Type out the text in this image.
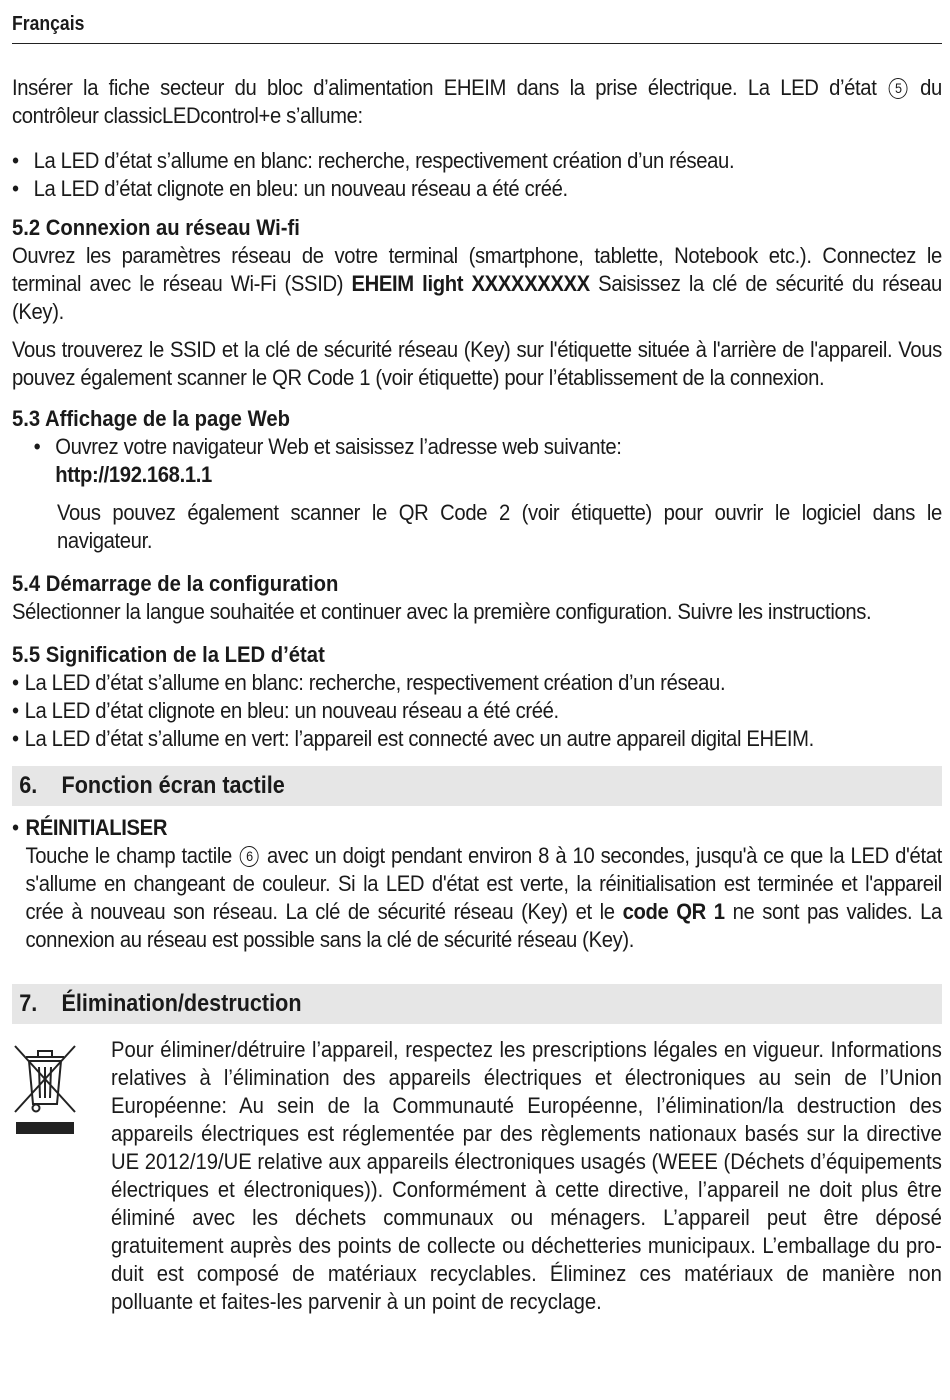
Français

Insérer la fiche secteur du bloc d’alimentation EHEIM dans la prise électrique. La LED d’état 5 du contrôleur classicLEDcontrol+e s’allume:

• La LED d’état s’allume en blanc: recherche, respectivement création d’un réseau.
• La LED d’état clignote en bleu: un nouveau réseau a été créé.
5.2 Connexion au réseau Wi-fi

Ouvrez les paramètres réseau de votre terminal (smartphone, tablette, Notebook etc.). Connectez le terminal avec le réseau Wi-Fi (SSID) EHEIM light XXXXXXXXX Saisissez la clé de sécurité du réseau (Key).

Vous trouverez le SSID et la clé de sécurité réseau (Key) sur l'étiquette située à l'arrière de l'appareil. Vous pouvez également scanner le QR Code 1 (voir étiquette) pour l’établissement de la connexion.

5.3 Affichage de la page Web
• Ouvrez votre navigateur Web et saisissez l’adresse web suivante:
http://192.168.1.1

Vous pouvez également scanner le QR Code 2 (voir étiquette) pour ouvrir le logiciel dans le navigateur.

5.4 Démarrage de la configuration

Sélectionner la langue souhaitée et continuer avec la première configuration. Suivre les instructions.

5.5 Signification de la LED d’état
• La LED d’état s’allume en blanc: recherche, respectivement création d’un réseau.
• La LED d’état clignote en bleu: un nouveau réseau a été créé.
• La LED d’état s’allume en vert: l’appareil est connecté avec un autre appareil digital EHEIM.
6. Fonction écran tactile
• RÉINITIALISER

Touche le champ tactile 6 avec un doigt pendant environ 8 à 10 secondes, jusqu'à ce que la LED d'état s'allume en changeant de couleur. Si la LED d'état est verte, la réinitialisation est terminée et l'appareil crée à nouveau son réseau. La clé de sécurité réseau (Key) et le code QR 1 ne sont pas valides. La connexion au réseau est possible sans la clé de sécurité réseau (Key).

7. Élimination/destruction

Pour éliminer/détruire l’appareil, respectez les prescriptions légales en vigueur. Informations relatives à l’élimination des appareils électriques et électroniques au sein de l’Union Européenne: Au sein de la Communauté Européenne, l’élimination/la destruction des appareils électriques est réglementée par des règlements nationaux basés sur la directive UE 2012/19/UE relative aux appareils électroniques usagés (WEEE (Déchets d’équipements électriques et électroniques)). Conformément à cette directive, l’appareil ne doit plus être éliminé avec les déchets communaux ou ménagers. L’appareil peut être déposé gratuitement auprès des points de collecte ou déchetteries municipaux. L’emballage du produit est composé de matériaux recyclables. Éliminez ces matériaux de manière non polluante et faites-les parvenir à un point de recyclage.
